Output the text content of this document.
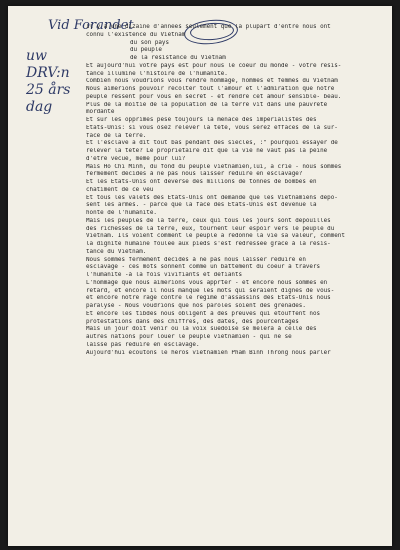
Vid Forandet
uw
DRV:n
25 års
dag
Il y a une dizaine d'années seulement que la plupart d'entre nous ont
connu l'existence du Vietnam
du son pays
du peuple
de la résistance du Vietnam
Et aujourd'hui votre pays est pour nous le coeur du monde - votre résis-
tance illumine l'histoire de l'humanité.
Combien nous voudrions vous rendre hommage, hommes et femmes du Vietnam
Nous aimerions pouvoir récolter tout l'amour et l'admiration que notre
peuple ressent pour vous en secret - et rendre cet amour sensible- beau.
Plus de la moitié de la population de la terre vit dans une pauvreté
mordante
Et sur les opprimés pèse toujours la menace des impérialistes des
Etats-Unis: si vous osez relever la tete, vous serez effacés de la sur-
face de la terre.
Et l'esclave a dit tout bas pendant des siècles, :" pourquoi essayer de
relever la tete? Le propriétaire dit que la vie ne vaut pas la peine
d'etre vécue, meme pour lui?
Mais Ho Chi Minh, du fond du peuple vietnamien,lui, a crié - nous sommes
fermement décidés à ne pas nous laisser réduire en esclavage?
Et les Etats-Unis ont deversé des millions de tonnes de bombes en
chatiment de ce veu
Et tous les valets des Etats-Unis ont demandé que les Vietnamiens dépo-
sent les armes. - parce que la face des Etats-Unis est devenue la
honte de l'humanité.
Mais les peuples de la terre, ceux qui tous les jours sont dépouillés
des richesses de la terre, eux, tournent leur espoir vers le peuple du
Vietnam. Ils voient comment le peuple a redonné la vie sa valeur, comment
la dignité humaine foulée aux pieds s'est redressée grace à la résis-
tance du Vietnam.
Nous sommes fermement décidés à ne pas nous laisser réduire en
esclavage - ces mots sonnent comme un battement du coeur à travers
l'humanité -à la fois vivifiants et défiants
L'hommage que nous aimerions vous apprter - et encore nous sommes en
retard, et encore il nous manque les mots qui seraient dignes de vous-
et encore notre rage contre le régime d'assassins des Etats-Unis nous
paralyse - Nous voudrions que nos paroles soient des grenades.
Et encore les tibdes nous obligent à des preuves qui étouffent nos
protestations dans des chiffres, des dates, des pourcentages
Mais un jour doit venir où la voix suédoise se melera à celle des
autres nations pour louer le peuple vietnamien - qui ne se
laisse pas réduire en esclavage.
Aujourd'hui écoutons le héros vietnamien Pham Binh Throng nous parler
